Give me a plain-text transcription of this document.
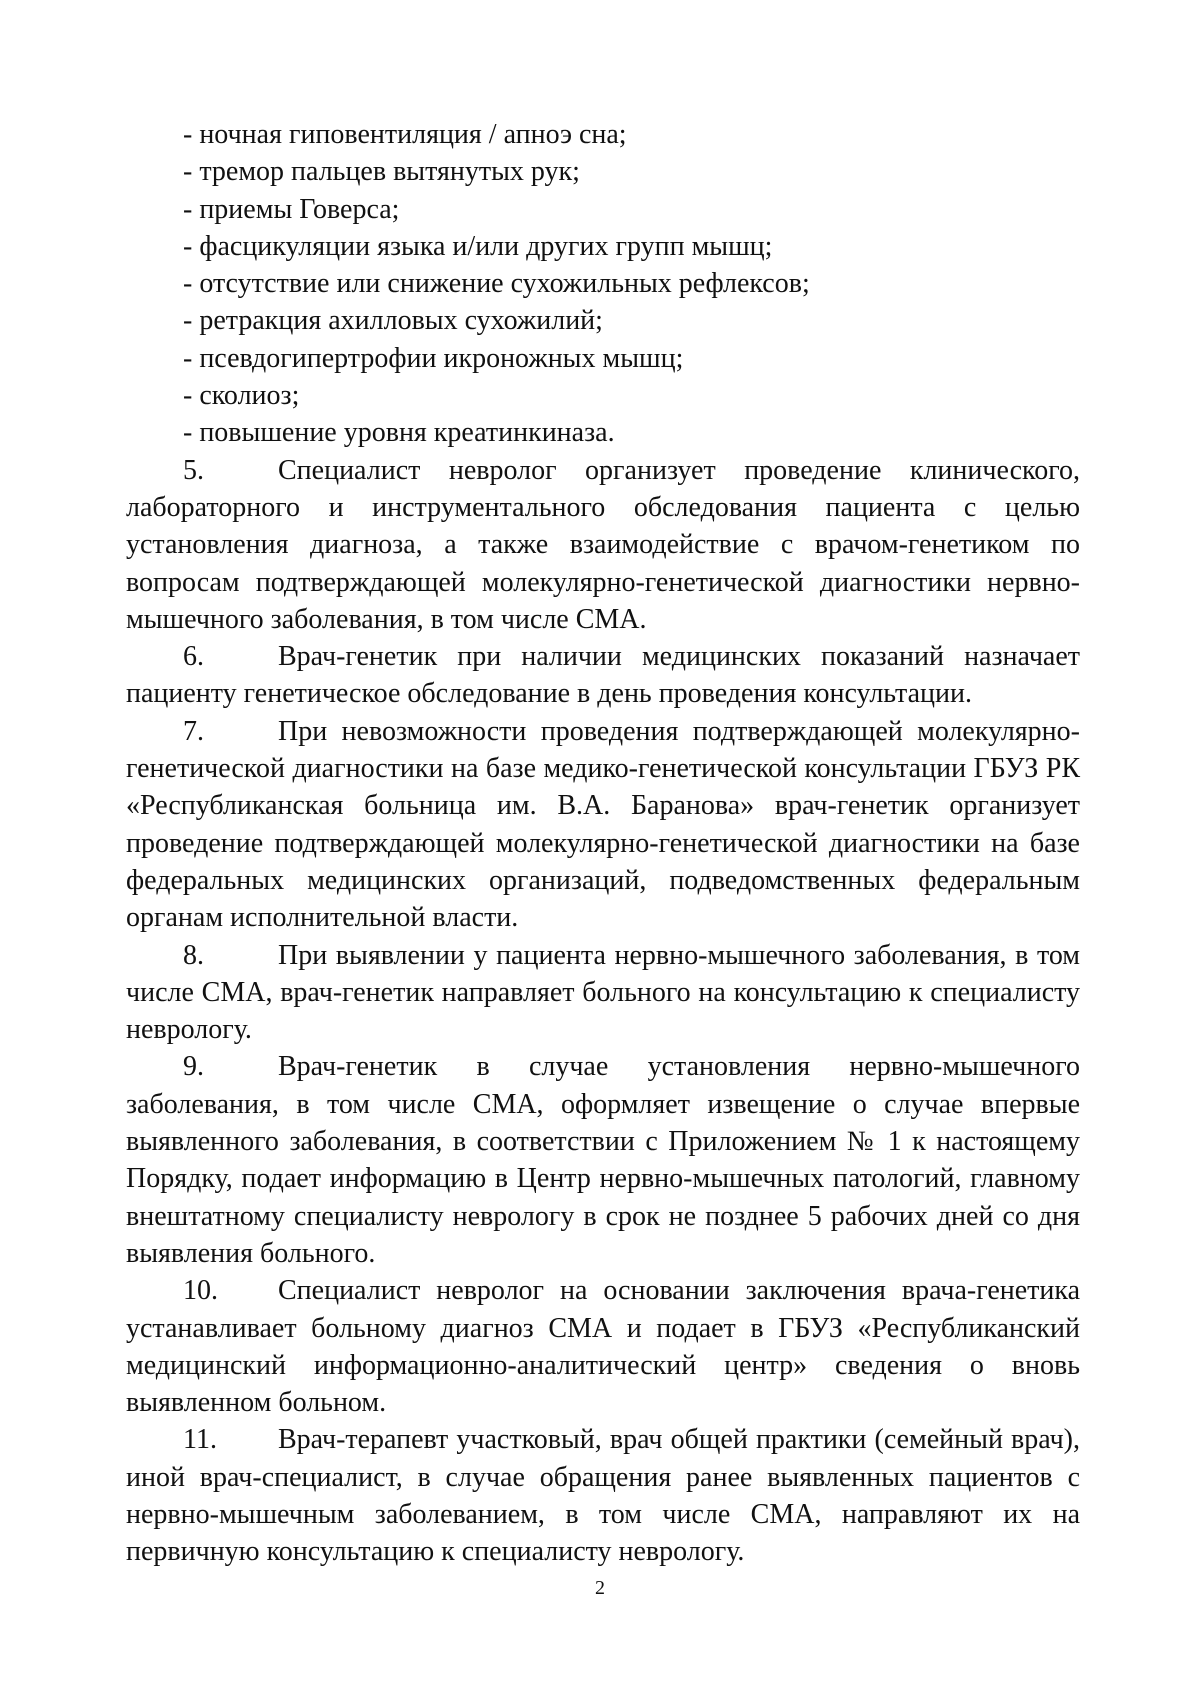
- ночная гиповентиляция / апноэ сна;

- тремор пальцев вытянутых рук;

- приемы Говерса;

- фасцикуляции языка и/или других групп мышц;

- отсутствие или снижение сухожильных рефлексов;

- ретракция ахилловых сухожилий;

- псевдогипертрофии икроножных мышц;

- сколиоз;

- повышение уровня креатинкиназа.

5.	Специалист невролог организует проведение клинического, лабораторного и инструментального обследования пациента с целью установления диагноза, а также взаимодействие с врачом-генетиком по вопросам подтверждающей молекулярно-генетической диагностики нервно-мышечного заболевания, в том числе СМА.

6.	Врач-генетик при наличии медицинских показаний назначает пациенту генетическое обследование в день проведения консультации.

7.	При невозможности проведения подтверждающей молекулярно-генетической диагностики на базе медико-генетической консультации ГБУЗ РК «Республиканская больница им. В.А. Баранова» врач-генетик организует проведение подтверждающей молекулярно-генетической диагностики на базе федеральных медицинских организаций, подведомственных федеральным органам исполнительной власти.

8.	При выявлении у пациента нервно-мышечного заболевания, в том числе СМА, врач-генетик направляет больного на консультацию к специалисту неврологу.

9.	Врач-генетик в случае установления нервно-мышечного заболевания, в том числе СМА, оформляет извещение о случае впервые выявленного заболевания, в соответствии с Приложением № 1 к настоящему Порядку, подает информацию в Центр нервно-мышечных патологий, главному внештатному специалисту неврологу в срок не позднее 5 рабочих дней со дня выявления больного.

10. Специалист невролог на основании заключения врача-генетика устанавливает больному диагноз СМА и подает в ГБУЗ «Республиканский медицинский информационно-аналитический центр» сведения о вновь выявленном больном.

11. Врач-терапевт участковый, врач общей практики (семейный врач), иной врач-специалист, в случае обращения ранее выявленных пациентов с нервно-мышечным заболеванием, в том числе СМА, направляют их на первичную консультацию к специалисту неврологу.

2
